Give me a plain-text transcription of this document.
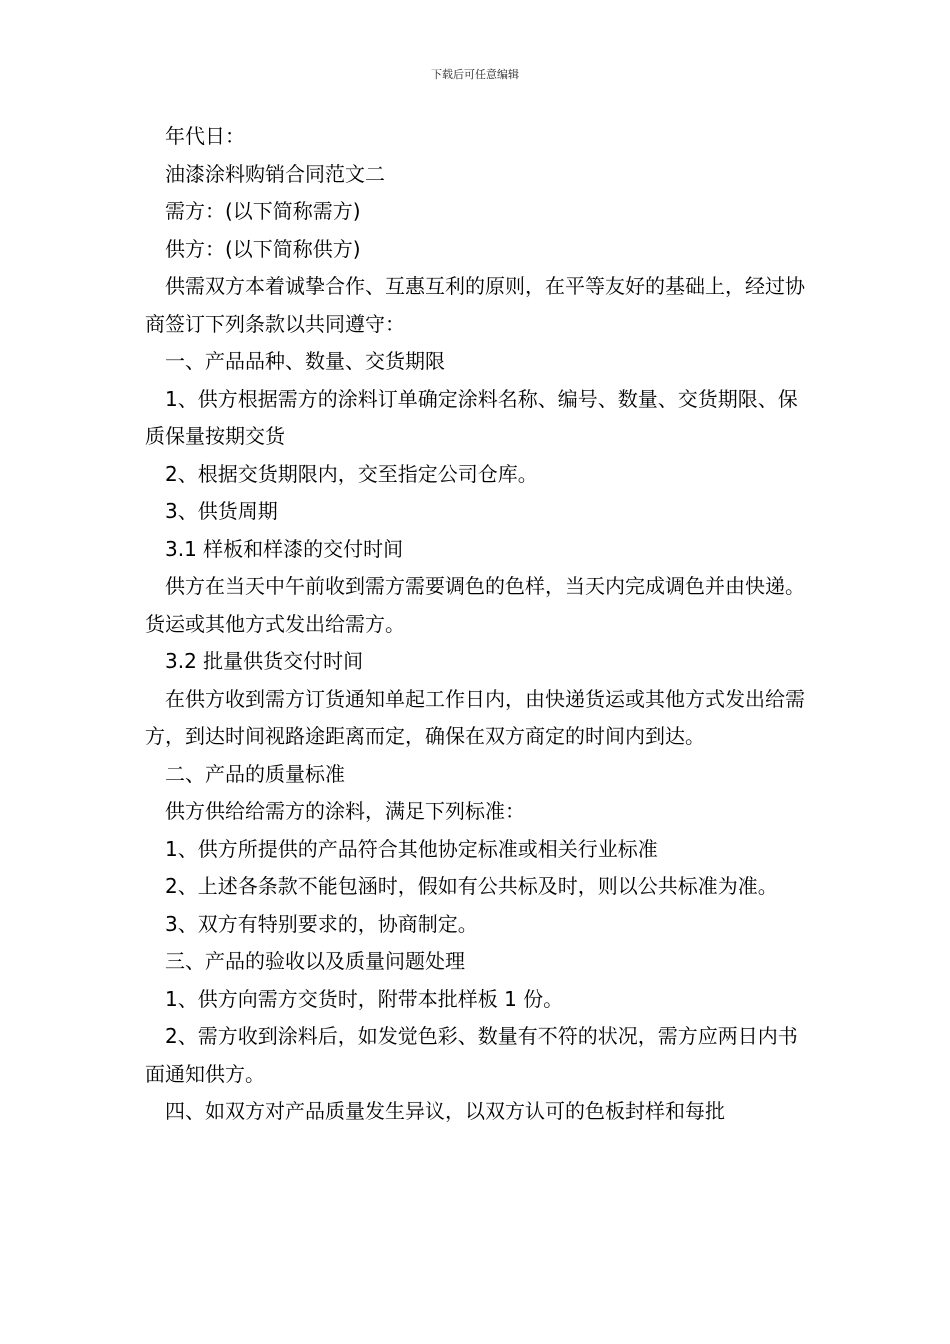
下载后可任意编辑

年代日：

油漆涂料购销合同范文二

需方：(以下简称需方)

供方：(以下简称供方)

供需双方本着诚挚合作、互惠互利的原则，在平等友好的基础上，经过协商签订下列条款以共同遵守：

一、产品品种、数量、交货期限

1、供方根据需方的涂料订单确定涂料名称、编号、数量、交货期限、保质保量按期交货

2、根据交货期限内，交至指定公司仓库。

3、供货周期

3.1 样板和样漆的交付时间

供方在当天中午前收到需方需要调色的色样，当天内完成调色并由快递。货运或其他方式发出给需方。

3.2 批量供货交付时间

在供方收到需方订货通知单起工作日内，由快递货运或其他方式发出给需方，到达时间视路途距离而定，确保在双方商定的时间内到达。

二、产品的质量标准

供方供给给需方的涂料，满足下列标准：

1、供方所提供的产品符合其他协定标准或相关行业标准

2、上述各条款不能包涵时，假如有公共标及时，则以公共标准为准。

3、双方有特别要求的，协商制定。

三、产品的验收以及质量问题处理

1、供方向需方交货时，附带本批样板 1 份。

2、需方收到涂料后，如发觉色彩、数量有不符的状况，需方应两日内书面通知供方。

四、如双方对产品质量发生异议，以双方认可的色板封样和每批
